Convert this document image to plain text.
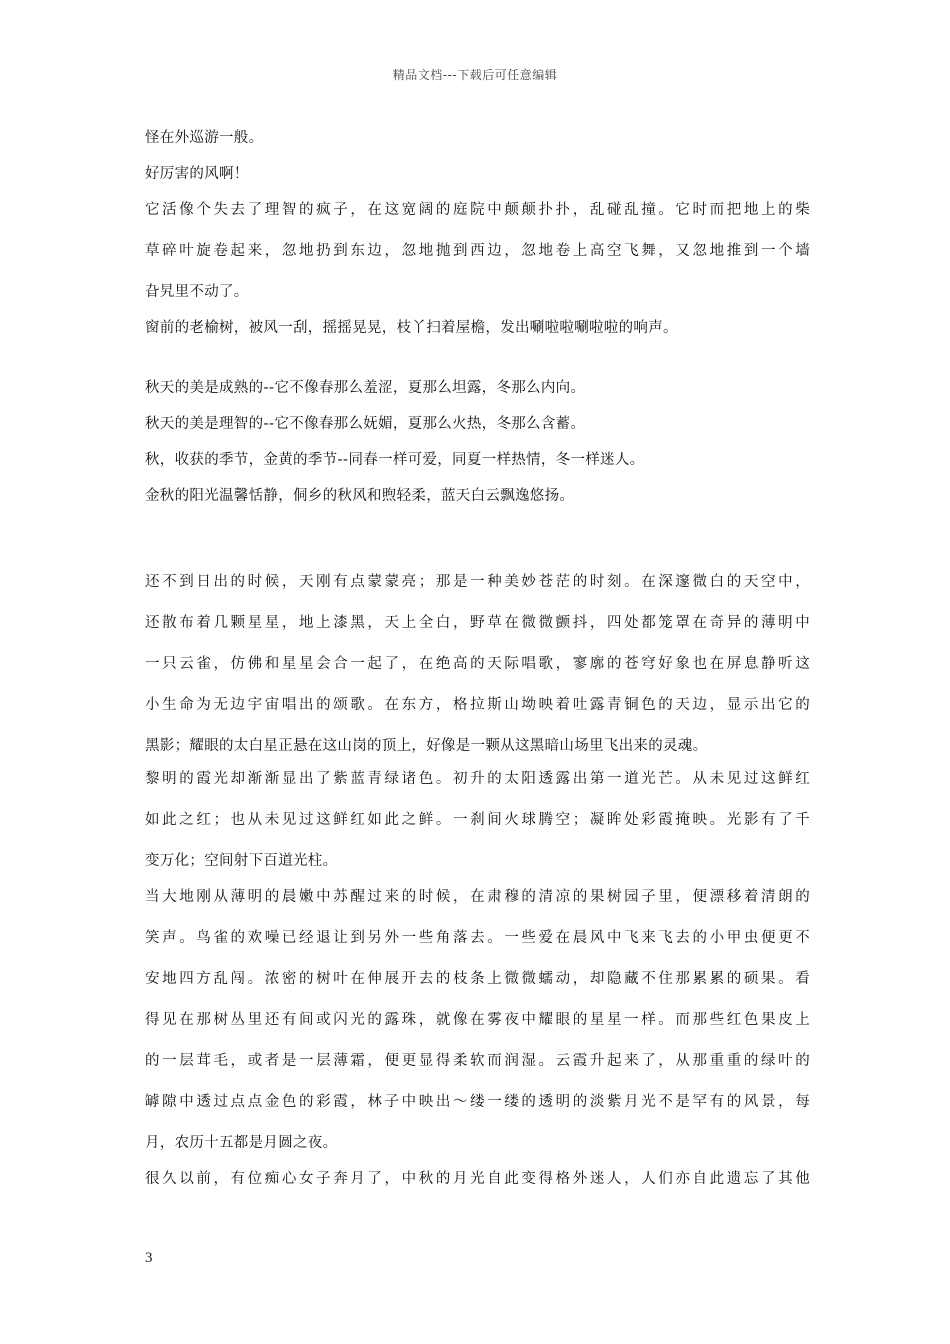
精品文档---下载后可任意编辑
怪在外巡游一般。
好厉害的风啊！
它活像个失去了理智的疯子，在这宽阔的庭院中颠颠扑扑，乱碰乱撞。它时而把地上的柴
草碎叶旋卷起来，忽地扔到东边，忽地抛到西边，忽地卷上高空飞舞，又忽地推到一个墙
旮旯里不动了。
窗前的老榆树，被风一刮，摇摇晃晃，枝丫扫着屋檐，发出唰啦啦唰啦啦的响声。
秋天的美是成熟的--它不像春那么羞涩，夏那么坦露，冬那么内向。
秋天的美是理智的--它不像春那么妩媚，夏那么火热，冬那么含蓄。
秋，收获的季节，金黄的季节--同春一样可爱，同夏一样热情，冬一样迷人。
金秋的阳光温馨恬静，侗乡的秋风和煦轻柔，蓝天白云飘逸悠扬。
还不到日出的时候，天刚有点蒙蒙亮；那是一种美妙苍茫的时刻。在深邃微白的天空中，
还散布着几颗星星，地上漆黑，天上全白，野草在微微颤抖，四处都笼罩在奇异的薄明中
一只云雀，仿佛和星星会合一起了，在绝高的天际唱歌，寥廓的苍穹好象也在屏息静听这
小生命为无边宇宙唱出的颂歌。在东方，格拉斯山坳映着吐露青铜色的天边，显示出它的
黑影；耀眼的太白星正悬在这山岗的顶上，好像是一颗从这黑暗山场里飞出来的灵魂。
黎明的霞光却渐渐显出了紫蓝青绿诸色。初升的太阳透露出第一道光芒。从未见过这鲜红
如此之红；也从未见过这鲜红如此之鲜。一刹间火球腾空；凝眸处彩霞掩映。光影有了千
变万化；空间射下百道光柱。
当大地刚从薄明的晨嫩中苏醒过来的时候，在肃穆的清凉的果树园子里，便漂移着清朗的
笑声。鸟雀的欢噪已经退让到另外一些角落去。一些爱在晨风中飞来飞去的小甲虫便更不
安地四方乱闯。浓密的树叶在伸展开去的枝条上微微蠕动，却隐藏不住那累累的硕果。看
得见在那树丛里还有间或闪光的露珠，就像在雾夜中耀眼的星星一样。而那些红色果皮上
的一层茸毛，或者是一层薄霜，便更显得柔软而润湿。云霞升起来了，从那重重的绿叶的
罅隙中透过点点金色的彩霞，林子中映出～缕一缕的透明的淡紫月光不是罕有的风景，每
月，农历十五都是月圆之夜。
很久以前，有位痴心女子奔月了，中秋的月光自此变得格外迷人，人们亦自此遗忘了其他
3
